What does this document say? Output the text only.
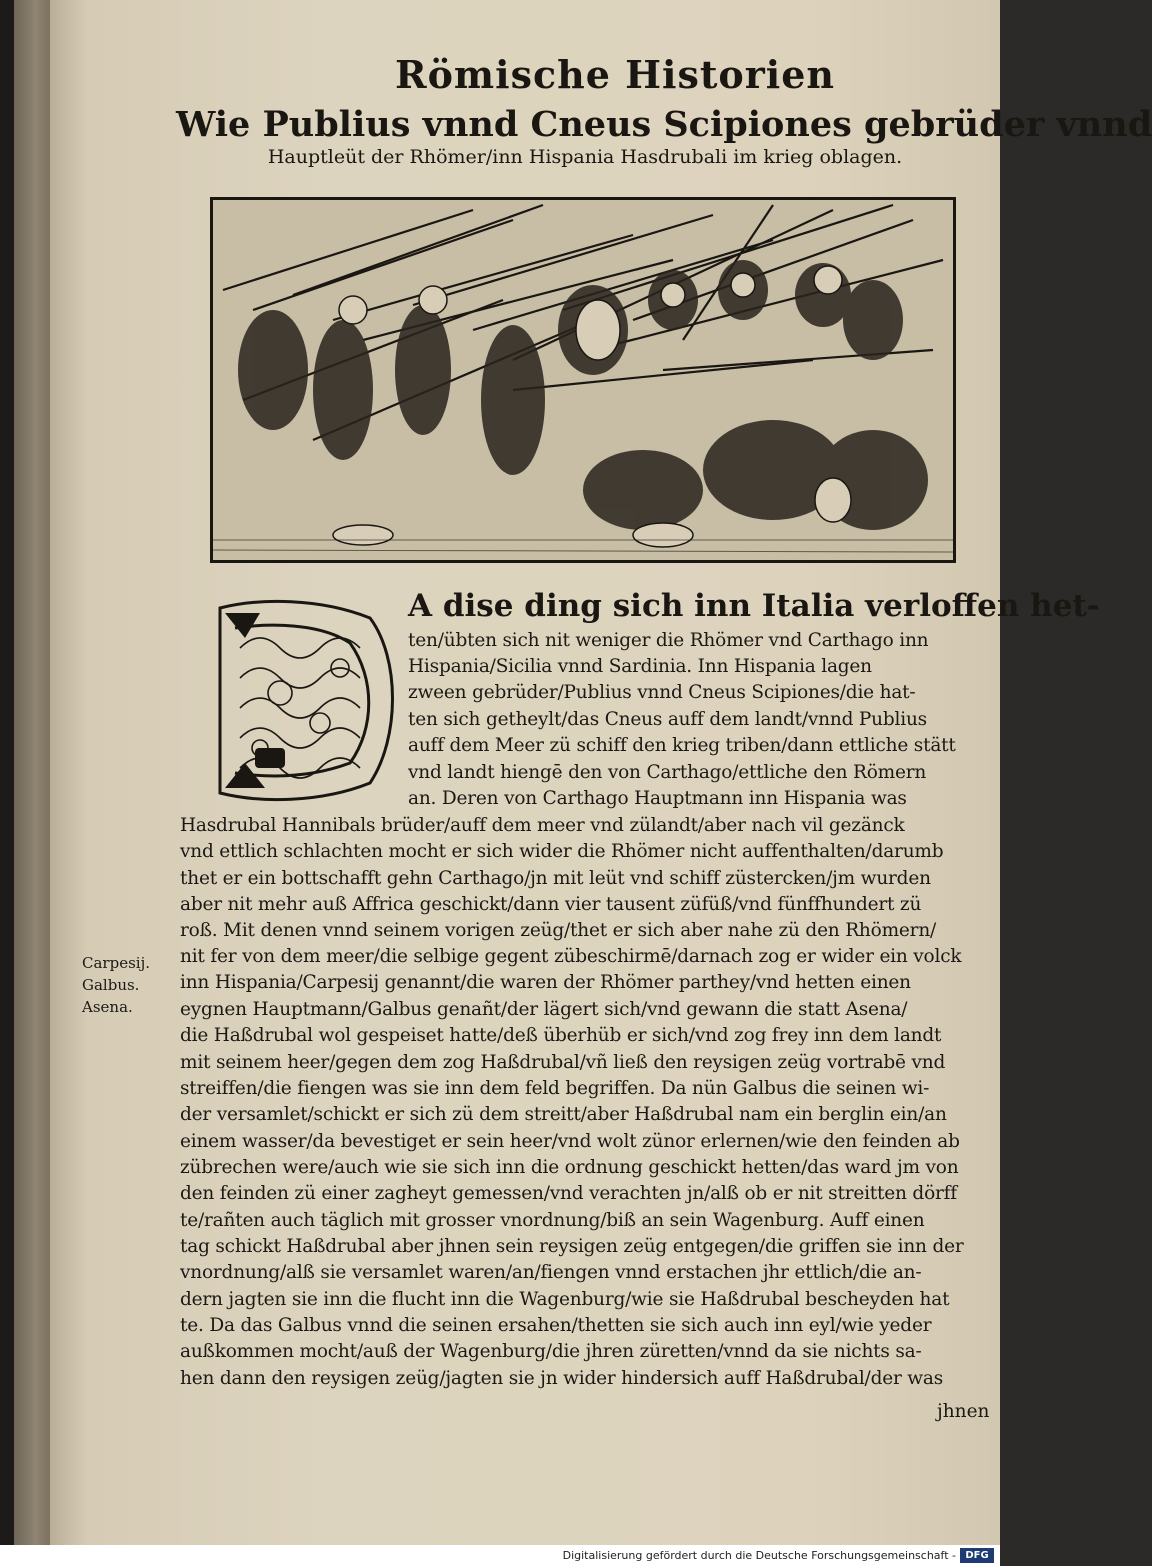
Römische Historien
Wie Publius vnnd Cneus Scipiones gebrüder vnnd
Hauptleüt der Rhömer/inn Hispania Hasdrubali im krieg oblagen.
A dise ding sich inn Italia verloffen het-
ten/übten sich nit weniger die Rhömer vnd Carthago inn
Hispania/Sicilia vnnd Sardinia. Inn Hispania lagen
zween gebrüder/Publius vnnd Cneus Scipiones/die hat-
ten sich getheylt/das Cneus auff dem landt/vnnd Publius
auff dem Meer zü schiff den krieg triben/dann ettliche stätt
vnd landt hiengē den von Carthago/ettliche den Römern
an. Deren von Carthago Hauptmann inn Hispania was
Hasdrubal Hannibals brüder/auff dem meer vnd zülandt/aber nach vil gezänck
vnd ettlich schlachten mocht er sich wider die Rhömer nicht auffenthalten/darumb
thet er ein bottschafft gehn Carthago/jn mit leüt vnd schiff züstercken/jm wurden
aber nit mehr auß Affrica geschickt/dann vier tausent züfüß/vnd fünffhundert zü
roß. Mit denen vnnd seinem vorigen zeüg/thet er sich aber nahe zü den Rhömern/
nit fer von dem meer/die selbige gegent zübeschirmē/darnach zog er wider ein volck
inn Hispania/Carpesij genannt/die waren der Rhömer parthey/vnd hetten einen
eygnen Hauptmann/Galbus genañt/der lägert sich/vnd gewann die statt Asena/
die Haßdrubal wol gespeiset hatte/deß überhüb er sich/vnd zog frey inn dem landt
mit seinem heer/gegen dem zog Haßdrubal/vñ ließ den reysigen zeüg vortrabē vnd
streiffen/die fiengen was sie inn dem feld begriffen. Da nün Galbus die seinen wi-
der versamlet/schickt er sich zü dem streitt/aber Haßdrubal nam ein berglin ein/an
einem wasser/da bevestiget er sein heer/vnd wolt zünor erlernen/wie den feinden ab
zübrechen were/auch wie sie sich inn die ordnung geschickt hetten/das ward jm von
den feinden zü einer zagheyt gemessen/vnd verachten jn/alß ob er nit streitten dörff
te/rañten auch täglich mit grosser vnordnung/biß an sein Wagenburg. Auff einen
tag schickt Haßdrubal aber jhnen sein reysigen zeüg entgegen/die griffen sie inn der
vnordnung/alß sie versamlet waren/an/fiengen vnnd erstachen jhr ettlich/die an-
dern jagten sie inn die flucht inn die Wagenburg/wie sie Haßdrubal bescheyden hat
te. Da das Galbus vnnd die seinen ersahen/thetten sie sich auch inn eyl/wie yeder
außkommen mocht/auß der Wagenburg/die jhren züretten/vnnd da sie nichts sa-
hen dann den reysigen zeüg/jagten sie jn wider hindersich auff Haßdrubal/der was
jhnen
Carpesij.
Galbus.
Asena.
Digitalisierung gefördert durch die Deutsche Forschungsgemeinschaft - DFG
